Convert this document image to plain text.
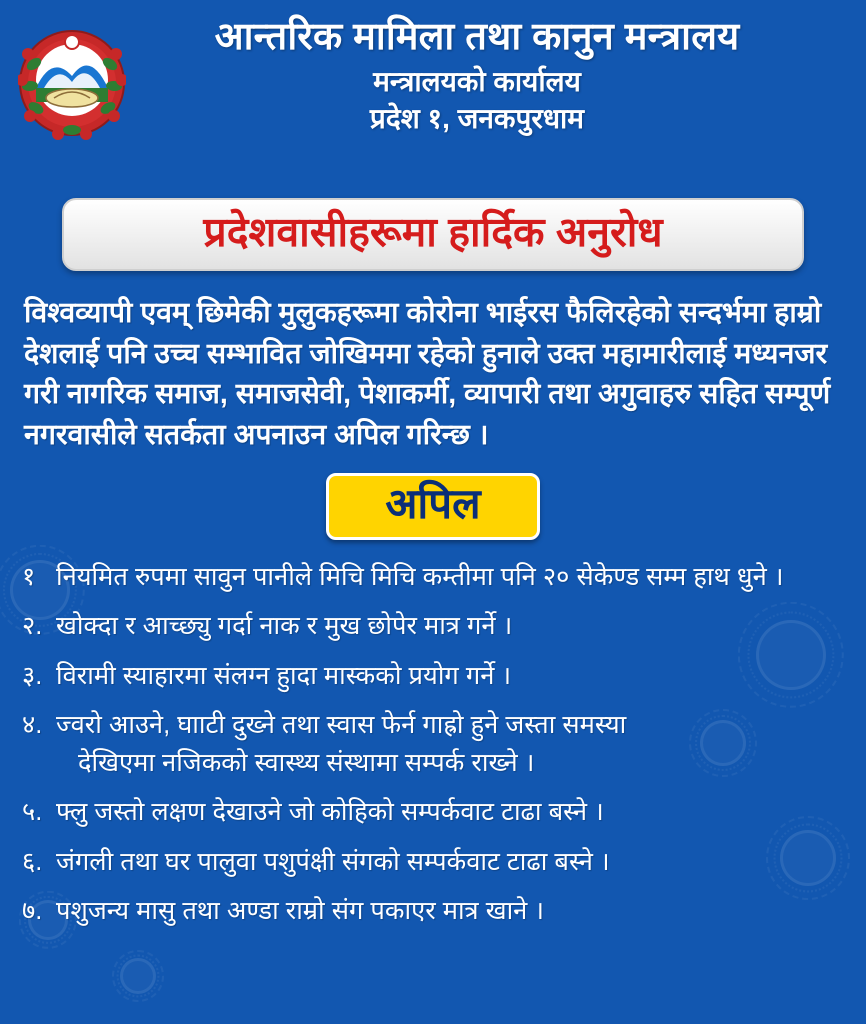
आन्तरिक मामिला तथा कानुन मन्त्रालय
मन्त्रालयको कार्यालय
प्रदेश १, जनकपुरधाम
प्रदेशवासीहरूमा हार्दिक अनुरोध
विश्वव्यापी एवम् छिमेकी मुलुकहरूमा कोरोना भाईरस फैलिरहेको सन्दर्भमा हाम्रो देशलाई पनि उच्च सम्भावित जोखिममा रहेको हुनाले उक्त महामारीलाई मध्यनजर गरी नागरिक समाज, समाजसेवी, पेशाकर्मी, व्यापारी तथा अगुवाहरु सहित सम्पूर्ण नगरवासीले सतर्कता अपनाउन अपिल गरिन्छ ।
अपिल
१ नियमित रुपमा सावुन पानीले मिचि मिचि कम्तीमा पनि २० सेकेण्ड सम्म हाथ धुने ।
२. खोक्दा र आच्छ्यु गर्दा नाक र मुख छोपेर मात्र गर्ने ।
३. विरामी स्याहारमा संलग्न हुादा मास्कको प्रयोग गर्ने ।
४. ज्वरो आउने, घााटी दुख्ने तथा स्वास फेर्न गाह्रो हुने जस्ता समस्या
देखिएमा नजिकको स्वास्थ्य संस्थामा सम्पर्क राख्ने ।
५. फ्लु जस्तो लक्षण देखाउने जो कोहिको सम्पर्कवाट टाढा बस्ने ।
६. जंगली तथा घर पालुवा पशुपंक्षी संगको सम्पर्कवाट टाढा बस्ने ।
७. पशुजन्य मासु तथा अण्डा राम्रो संग पकाएर मात्र खाने ।
